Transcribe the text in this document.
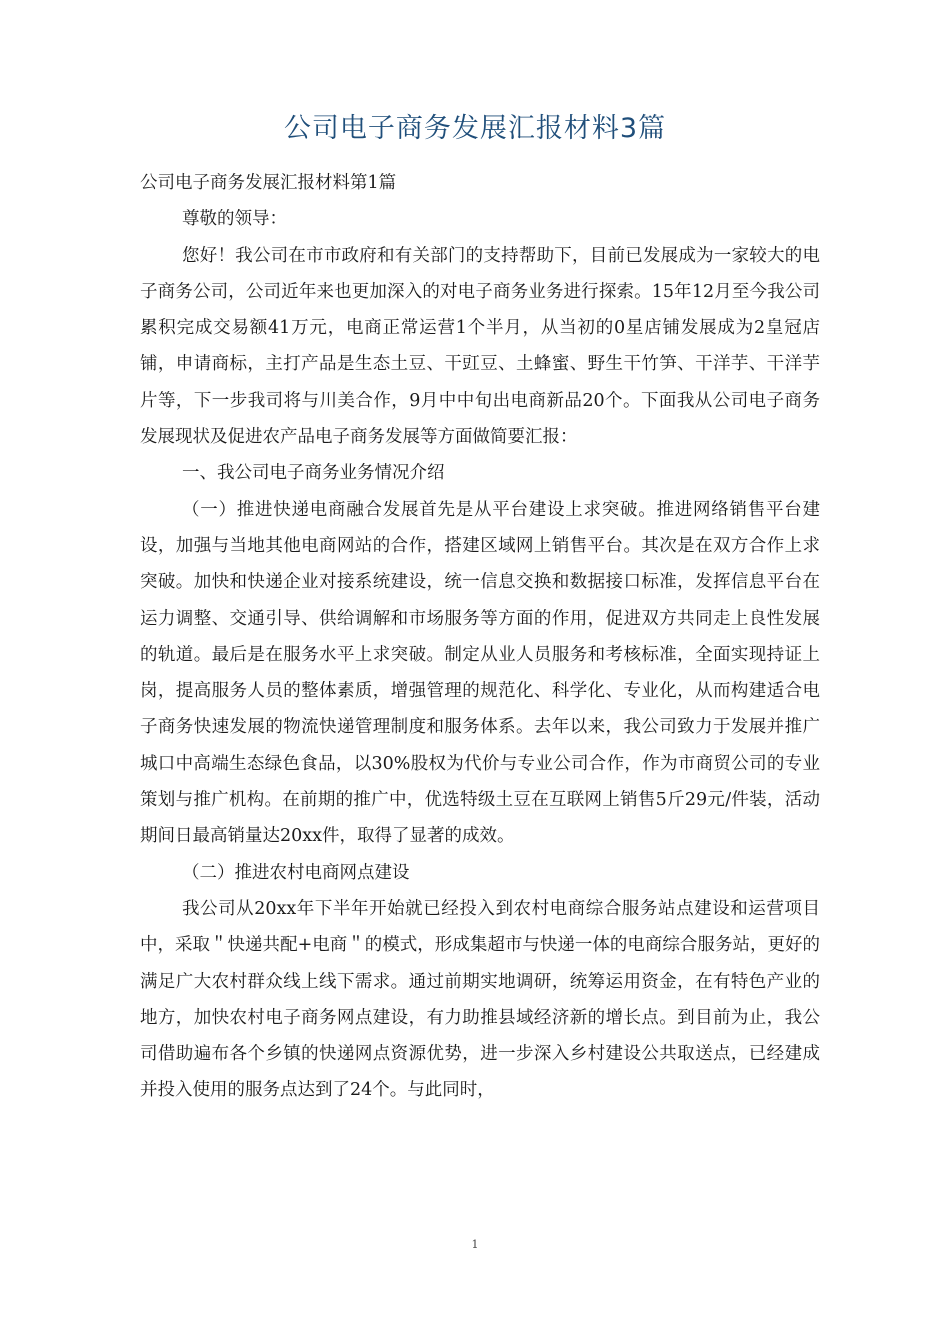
公司电子商务发展汇报材料3篇

公司电子商务发展汇报材料第1篇

尊敬的领导：

您好！我公司在市市政府和有关部门的支持帮助下，目前已发展成为一家较大的电子商务公司，公司近年来也更加深入的对电子商务业务进行探索。15年12月至今我公司累积完成交易额41万元，电商正常运营1个半月，从当初的0星店铺发展成为2皇冠店铺，申请商标，主打产品是生态土豆、干豇豆、土蜂蜜、野生干竹笋、干洋芋、干洋芋片等，下一步我司将与川美合作，9月中中旬出电商新品20个。下面我从公司电子商务发展现状及促进农产品电子商务发展等方面做简要汇报：

一、我公司电子商务业务情况介绍

（一）推进快递电商融合发展首先是从平台建设上求突破。推进网络销售平台建设，加强与当地其他电商网站的合作，搭建区域网上销售平台。其次是在双方合作上求突破。加快和快递企业对接系统建设，统一信息交换和数据接口标准，发挥信息平台在运力调整、交通引导、供给调解和市场服务等方面的作用，促进双方共同走上良性发展的轨道。最后是在服务水平上求突破。制定从业人员服务和考核标准，全面实现持证上岗，提高服务人员的整体素质，增强管理的规范化、科学化、专业化，从而构建适合电子商务快速发展的物流快递管理制度和服务体系。去年以来，我公司致力于发展并推广城口中高端生态绿色食品，以30%股权为代价与专业公司合作，作为市商贸公司的专业策划与推广机构。在前期的推广中，优选特级土豆在互联网上销售5斤29元/件装，活动期间日最高销量达20xx件，取得了显著的成效。

（二）推进农村电商网点建设

我公司从20xx年下半年开始就已经投入到农村电商综合服务站点建设和运营项目中，采取＂快递共配+电商＂的模式，形成集超市与快递一体的电商综合服务站，更好的满足广大农村群众线上线下需求。通过前期实地调研，统筹运用资金，在有特色产业的地方，加快农村电子商务网点建设，有力助推县域经济新的增长点。到目前为止，我公司借助遍布各个乡镇的快递网点资源优势，进一步深入乡村建设公共取送点，已经建成并投入使用的服务点达到了24个。与此同时，

1
